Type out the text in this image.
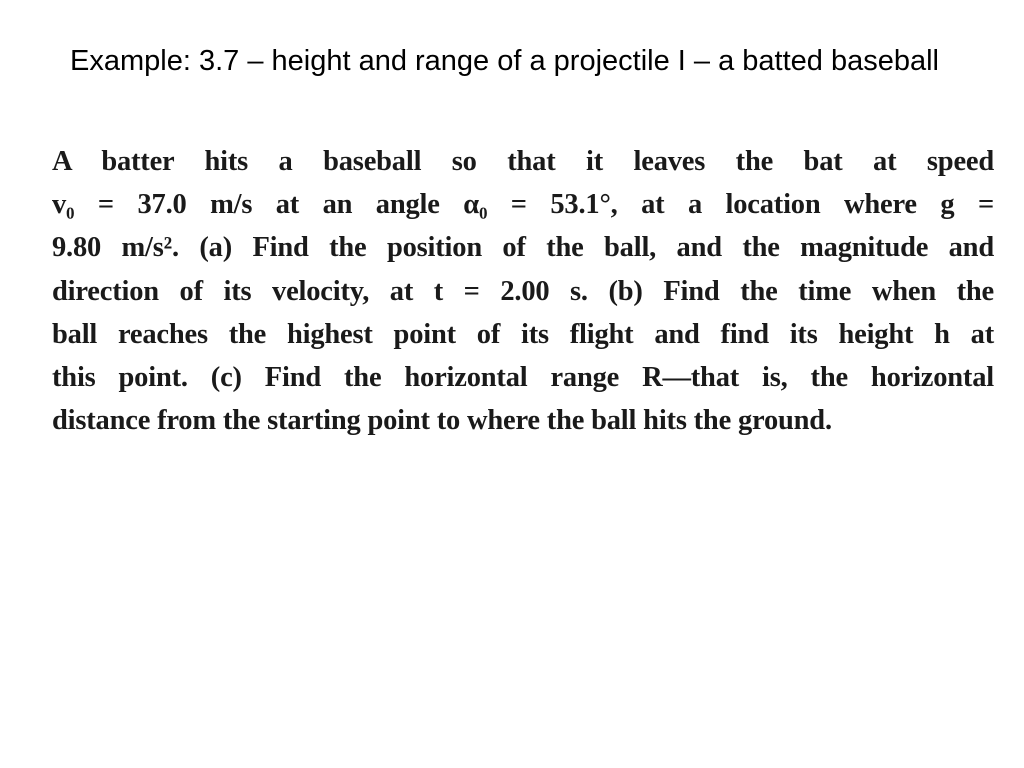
Example: 3.7 – height and range of a projectile I – a batted baseball
A batter hits a baseball so that it leaves the bat at speed
v₀ = 37.0 m/s at an angle α₀ = 53.1°, at a location where g =
9.80 m/s². (a) Find the position of the ball, and the magnitude and
direction of its velocity, at t = 2.00 s. (b) Find the time when the
ball reaches the highest point of its flight and find its height h at
this point. (c) Find the horizontal range R—that is, the horizontal
distance from the starting point to where the ball hits the ground.
